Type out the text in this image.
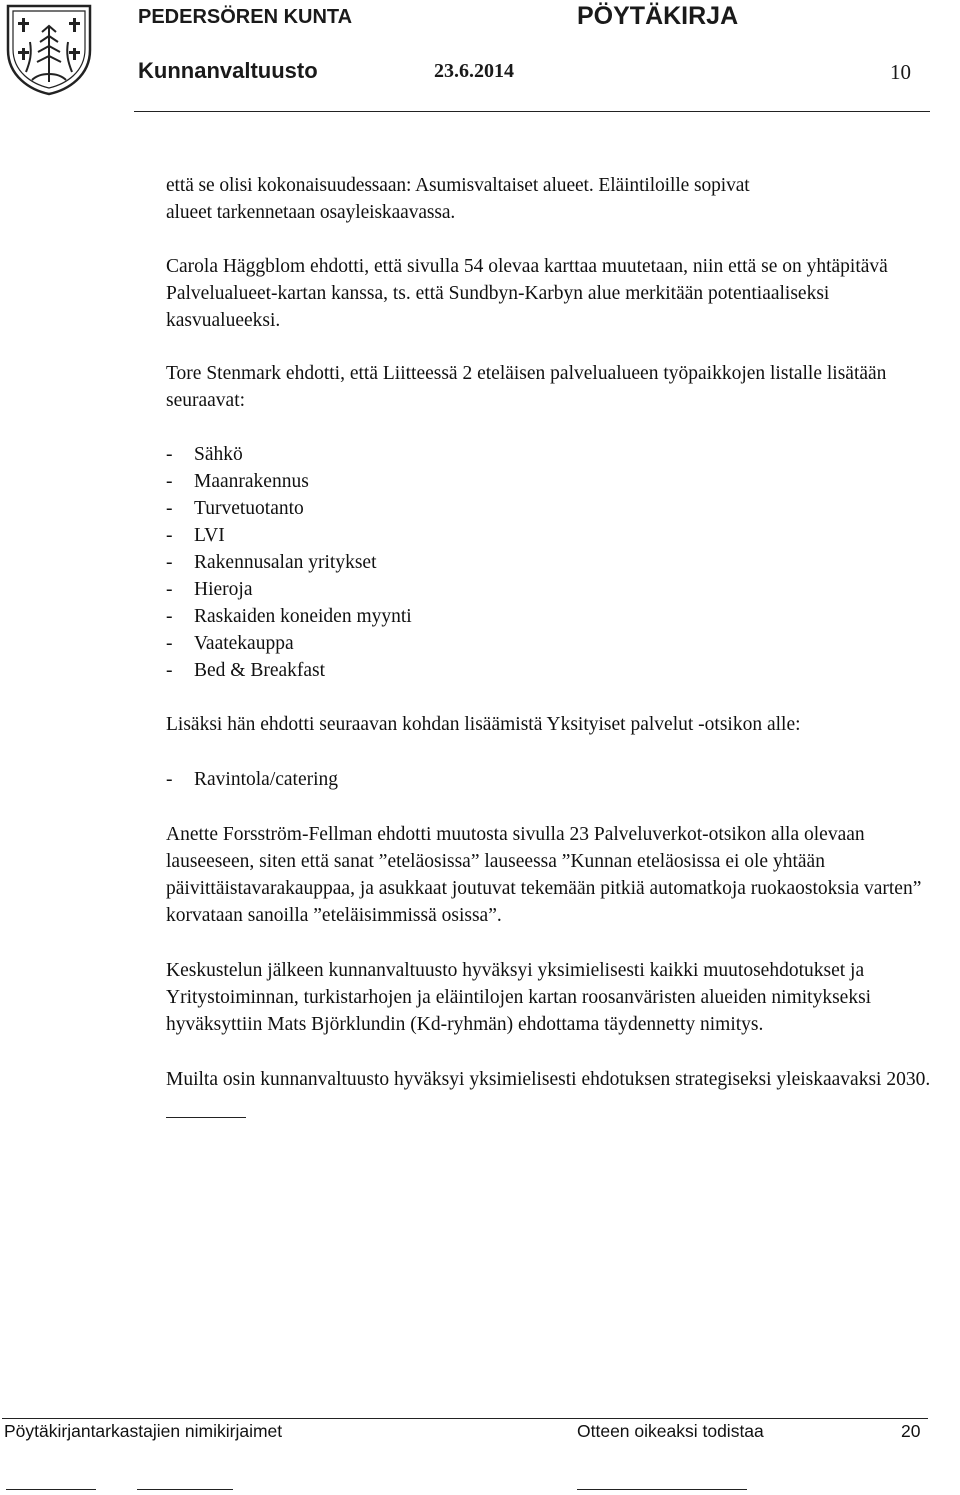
PEDERSÖREN KUNTA	PÖYTÄKIRJA
Kunnanvaltuusto	23.6.2014	10

että se olisi kokonaisuudessaan: Asumisvaltaiset alueet. Eläintiloille sopivat
alueet tarkennetaan osayleiskaavassa.

Carola Häggblom ehdotti, että sivulla 54 olevaa karttaa muutetaan, niin että se on yhtäpitävä Palvelualueet-kartan kanssa, ts. että Sundbyn-Karbyn alue merkitään potentiaaliseksi kasvualueeksi.

Tore Stenmark ehdotti, että Liitteessä 2 eteläisen palvelualueen työpaikkojen listalle lisätään seuraavat:

- Sähkö
- Maanrakennus
- Turvetuotanto
- LVI
- Rakennusalan yritykset
- Hieroja
- Raskaiden koneiden myynti
- Vaatekauppa
- Bed & Breakfast

Lisäksi hän ehdotti seuraavan kohdan lisäämistä Yksityiset palvelut -otsikon alle:

- Ravintola/catering

Anette Forsström-Fellman ehdotti muutosta sivulla 23 Palveluverkot-otsikon alla olevaan lauseeseen, siten että sanat ”eteläosissa” lauseessa ”Kunnan eteläosissa ei ole yhtään päivittäistavarakauppaa, ja asukkaat joutuvat tekemään pitkiä automatkoja ruokaostoksia varten” korvataan sanoilla ”eteläisimmissä osissa”.

Keskustelun jälkeen kunnanvaltuusto hyväksyi yksimielisesti kaikki muutosehdotukset ja Yritystoiminnan, turkistarhojen ja eläintilojen kartan roosanväristen alueiden nimitykseksi hyväksyttiin Mats Björklundin (Kd-ryhmän) ehdottama täydennetty nimitys.

Muilta osin kunnanvaltuusto hyväksyi yksimielisesti ehdotuksen strategiseksi yleiskaavaksi 2030.

Pöytäkirjantarkastajien nimikirjaimet	Otteen oikeaksi todistaa	20
